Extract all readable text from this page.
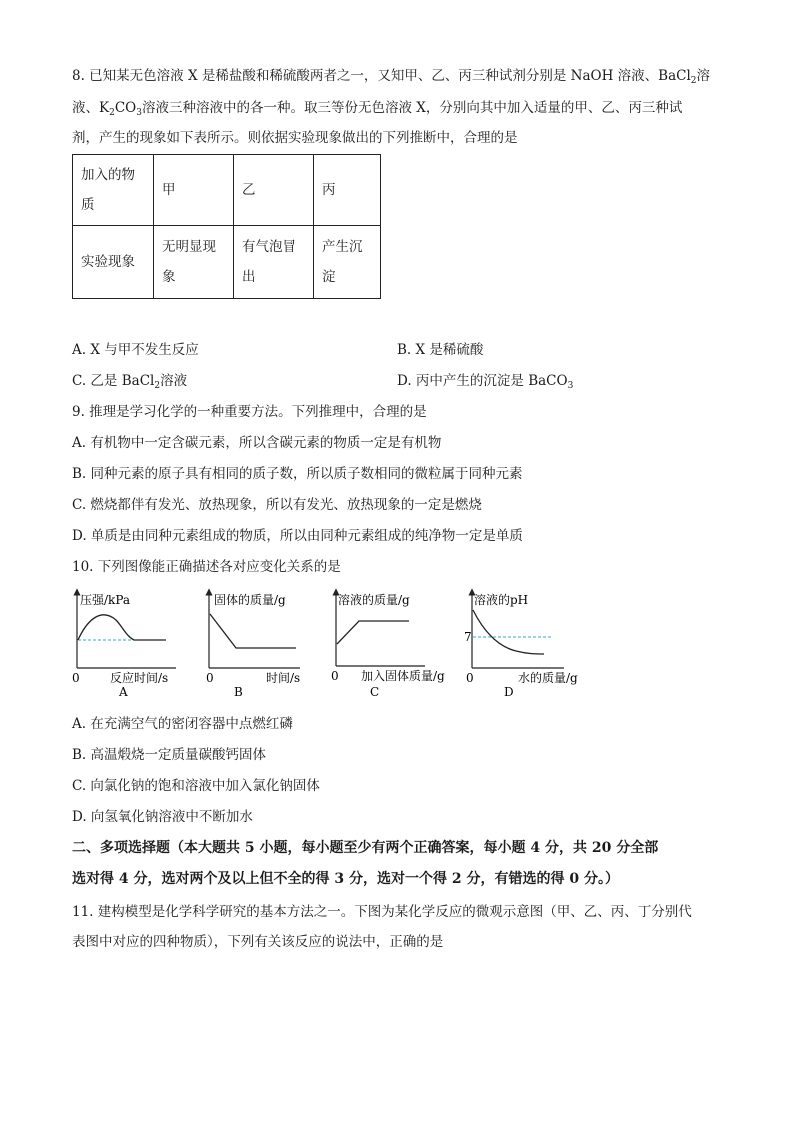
8. 已知某无色溶液 X 是稀盐酸和稀硫酸两者之一，又知甲、乙、丙三种试剂分别是 NaOH 溶液、BaCl$_2$溶
液、$K_2CO_3$溶液三种溶液中的各一种。取三等份无色溶液 X，分别向其中加入适量的甲、乙、丙三种试
剂，产生的现象如下表所示。则依据实验现象做出的下列推断中，合理的是
加入的物质	甲	乙	丙
实验现象	无明显现象	有气泡冒出	产生沉淀
A. X 与甲不发生反应	B. X 是稀硫酸
C. 乙是 BaCl$_2$溶液	D. 丙中产生的沉淀是 BaCO$_3$
9. 推理是学习化学的一种重要方法。下列推理中，合理的是
A. 有机物中一定含碳元素，所以含碳元素的物质一定是有机物
B. 同种元素的原子具有相同的质子数，所以质子数相同的微粒属于同种元素
C. 燃烧都伴有发光、放热现象，所以有发光、放热现象的一定是燃烧
D. 单质是由同种元素组成的物质，所以由同种元素组成的纯净物一定是单质
10. 下列图像能正确描述各对应变化关系的是
压强/kPa
反应时间/s
0
A
固体的质量/g
时间/s
0
B
溶液的质量/g
加入固体质量/g
0
C
溶液的pH
7
水的质量/g
0
D
A. 在充满空气的密闭容器中点燃红磷
B. 高温煅烧一定质量碳酸钙固体
C. 向氯化钠的饱和溶液中加入氯化钠固体
D. 向氢氧化钠溶液中不断加水
二、多项选择题（本大题共 5 小题，每小题至少有两个正确答案，每小题 4 分，共 20 分全部
选对得 4 分，选对两个及以上但不全的得 3 分，选对一个得 2 分，有错选的得 0 分。）
11. 建构模型是化学科学研究的基本方法之一。下图为某化学反应的微观示意图（甲、乙、丙、丁分别代
表图中对应的四种物质），下列有关该反应的说法中，正确的是
